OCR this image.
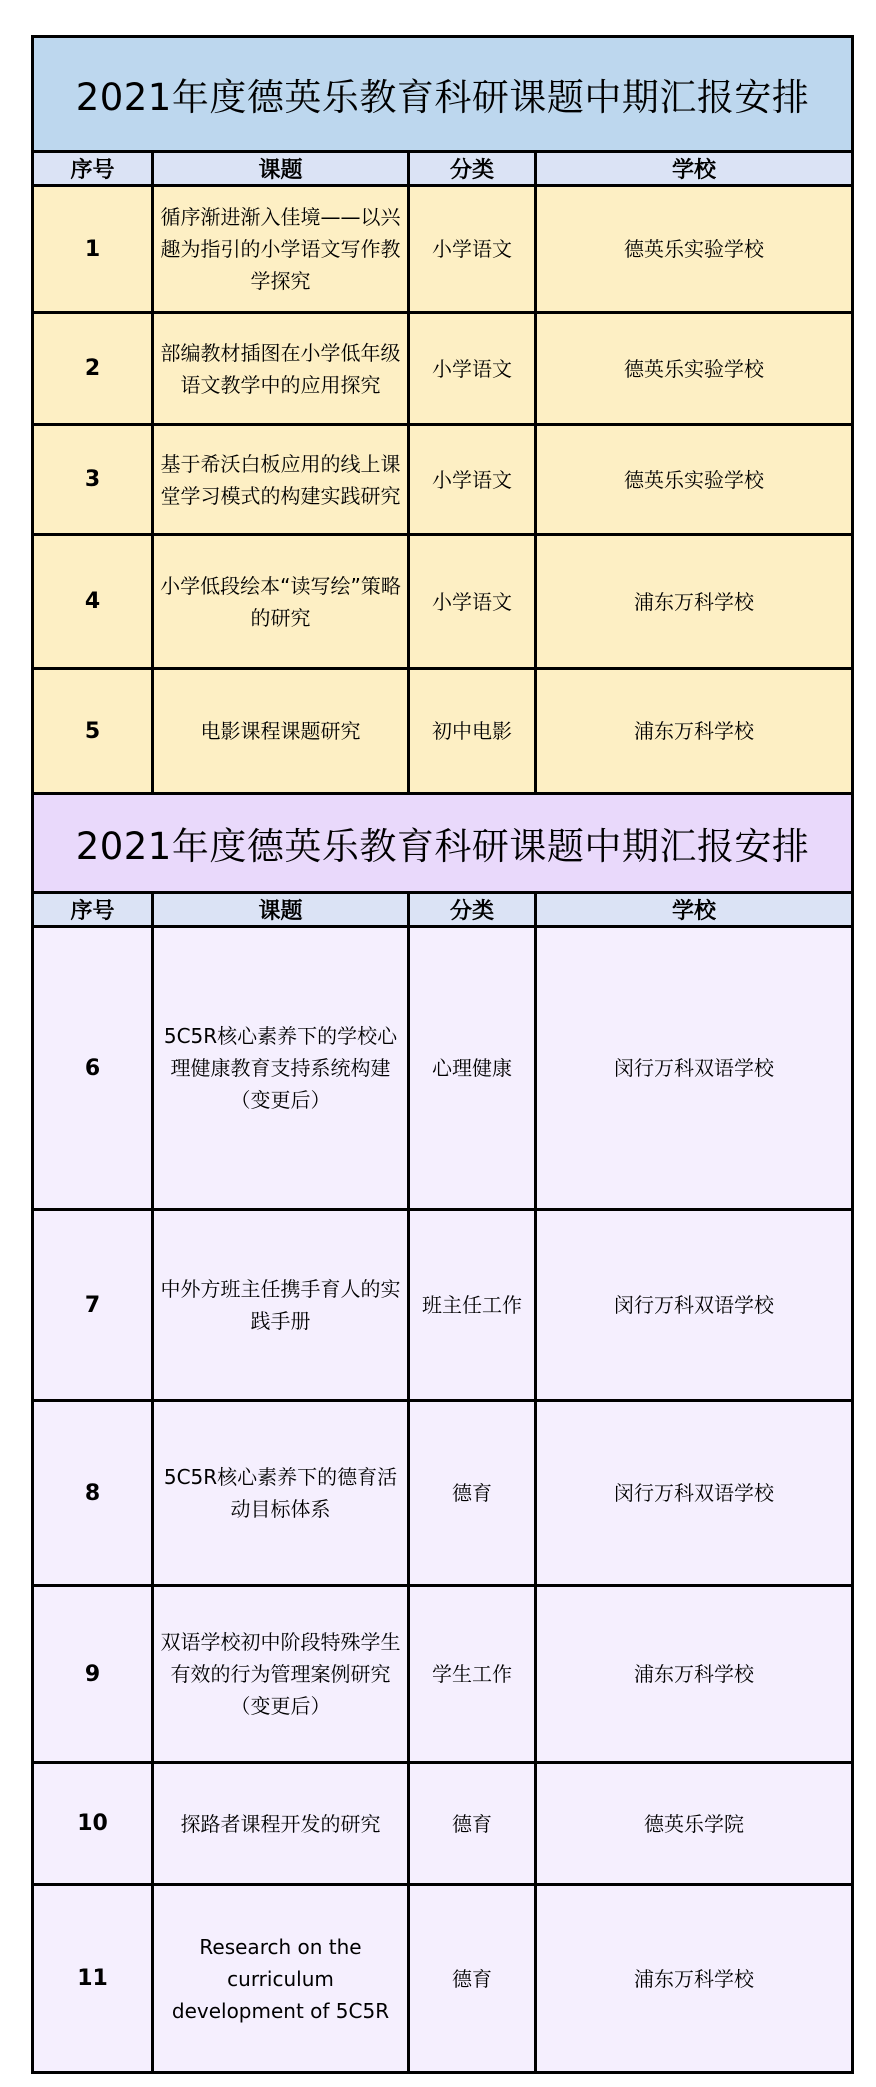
2021年度德英乐教育科研课题中期汇报安排			
序号	课题	分类	学校
1	循序渐进渐入佳境——以兴趣为指引的小学语文写作教学探究	小学语文	德英乐实验学校
2	部编教材插图在小学低年级语文教学中的应用探究	小学语文	德英乐实验学校
3	基于希沃白板应用的线上课堂学习模式的构建实践研究	小学语文	德英乐实验学校
4	小学低段绘本“读写绘”策略的研究	小学语文	浦东万科学校
5	电影课程课题研究	初中电影	浦东万科学校
2021年度德英乐教育科研课题中期汇报安排			
序号	课题	分类	学校
6	5C5R核心素养下的学校心理健康教育支持系统构建（变更后）	心理健康	闵行万科双语学校
7	中外方班主任携手育人的实践手册	班主任工作	闵行万科双语学校
8	5C5R核心素养下的德育活动目标体系	德育	闵行万科双语学校
9	双语学校初中阶段特殊学生有效的行为管理案例研究（变更后）	学生工作	浦东万科学校
10	探路者课程开发的研究	德育	德英乐学院
11	Research on the curriculum development of 5C5R	德育	浦东万科学校
